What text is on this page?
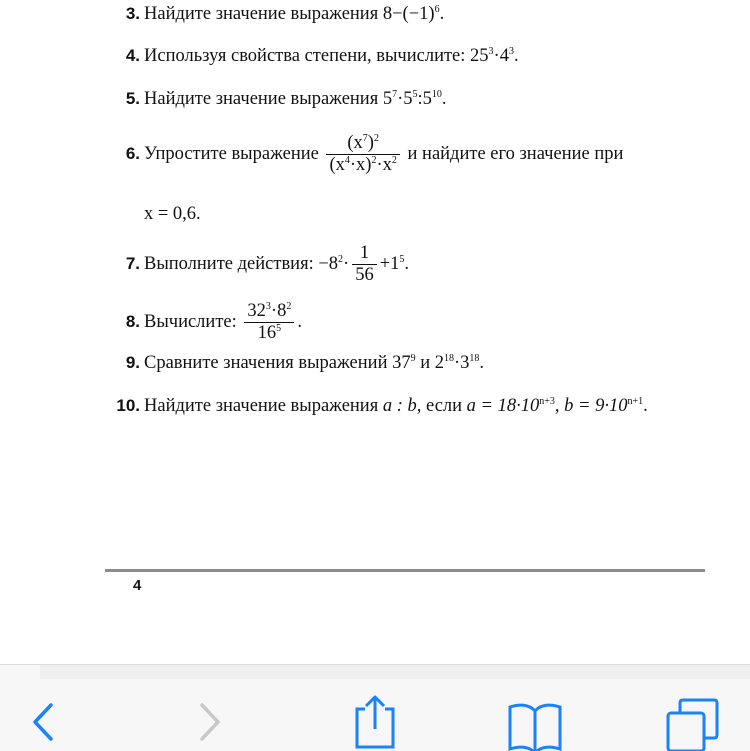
3. Найдите значение выражения $8-(-1)^6$.
4. Используя свойства степени, вычислите: $25^3\cdot 4^3$.
5. Найдите значение выражения $5^7\cdot 5^5:5^{10}$.
6. Упростите выражение $\frac{(x^7)^2}{(x^4\cdot x)^2\cdot x^2}$ и найдите его значение при
x = 0,6.
7. Выполните действия: $-8^2\cdot \frac{1}{56} +1^5$.
8. Вычислите: $\frac{32^3\cdot 8^2}{16^5}$ .
9. Сравните значения выражений $37^9$ и $2^{18}\cdot 3^{18}$.
10. Найдите значение выражения a : b, если $a = 18\cdot 10^{n+3}$, $b = 9\cdot 10^{n+1}$.
4
